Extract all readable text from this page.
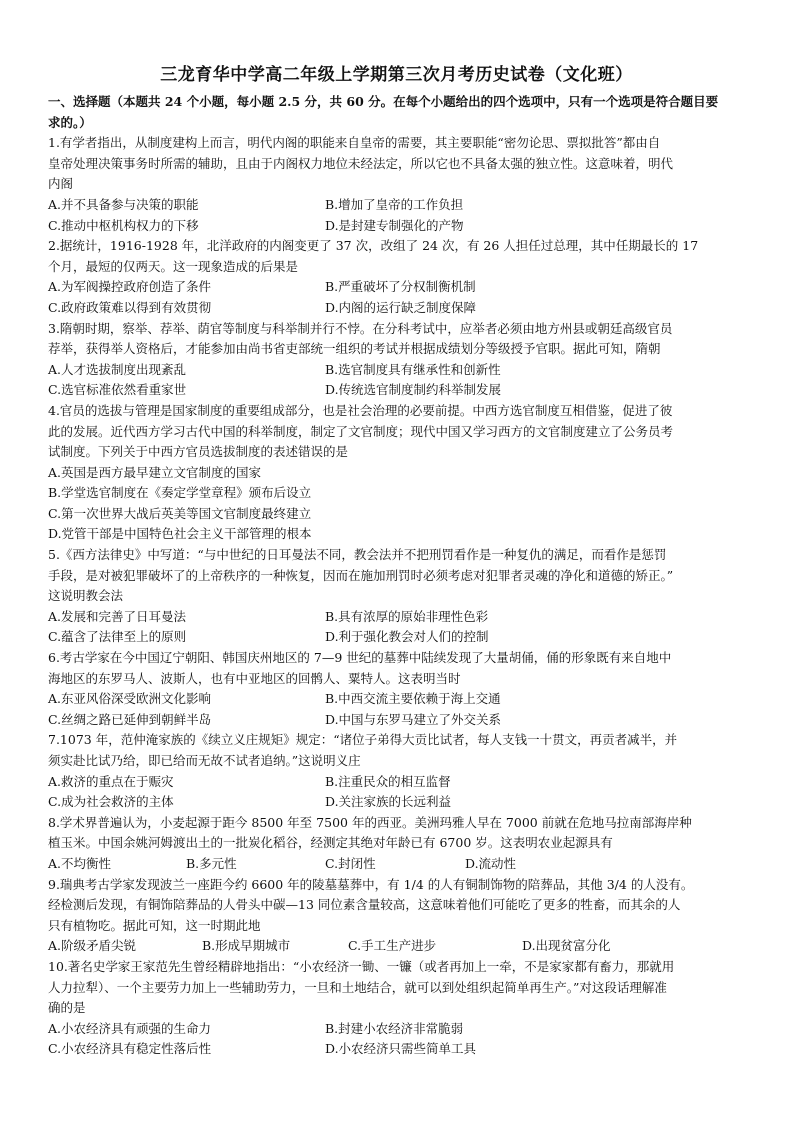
三龙育华中学高二年级上学期第三次月考历史试卷（文化班）
一、选择题（本题共 24 个小题，每小题 2.5 分，共 60 分。在每个小题给出的四个选项中，只有一个选项是符合题目要
求的。）
1.有学者指出，从制度建构上而言，明代内阁的职能来自皇帝的需要，其主要职能“密勿论思、票拟批答”都由自
皇帝处理决策事务时所需的辅助，且由于内阁权力地位未经法定，所以它也不具备太强的独立性。这意味着，明代
内阁
A.并不具备参与决策的职能	B.增加了皇帝的工作负担
C.推动中枢机构权力的下移	D.是封建专制强化的产物
2.据统计，1916-1928 年，北洋政府的内阁变更了 37 次，改组了 24 次，有 26 人担任过总理，其中任期最长的 17
个月，最短的仅两天。这一现象造成的后果是
A.为军阀操控政府创造了条件	B.严重破坏了分权制衡机制
C.政府政策难以得到有效贯彻	D.内阁的运行缺乏制度保障
3.隋朝时期，察举、荐举、荫官等制度与科举制并行不悖。在分科考试中，应举者必须由地方州县或朝廷高级官员
荐举，获得举人资格后，才能参加由尚书省吏部统一组织的考试并根据成绩划分等级授予官职。据此可知，隋朝
A.人才选拔制度出现紊乱	B.选官制度具有继承性和创新性
C.选官标准依然看重家世	D.传统选官制度制约科举制发展
4.官员的选拔与管理是国家制度的重要组成部分，也是社会治理的必要前提。中西方选官制度互相借鉴，促进了彼
此的发展。近代西方学习古代中国的科举制度，制定了文官制度；现代中国又学习西方的文官制度建立了公务员考
试制度。下列关于中西方官员选拔制度的表述错误的是
A.英国是西方最早建立文官制度的国家
B.学堂选官制度在《奏定学堂章程》颁布后设立
C.第一次世界大战后英美等国文官制度最终建立
D.党管干部是中国特色社会主义干部管理的根本
5.《西方法律史》中写道：“与中世纪的日耳曼法不同，教会法并不把刑罚看作是一种复仇的满足，而看作是惩罚
手段，是对被犯罪破坏了的上帝秩序的一种恢复，因而在施加刑罚时必须考虑对犯罪者灵魂的净化和道德的矫正。”
这说明教会法
A.发展和完善了日耳曼法	B.具有浓厚的原始非理性色彩
C.蕴含了法律至上的原则	D.利于强化教会对人们的控制
6.考古学家在今中国辽宁朝阳、韩国庆州地区的 7—9 世纪的墓葬中陆续发现了大量胡俑，俑的形象既有来自地中
海地区的东罗马人、波斯人，也有中亚地区的回鹘人、粟特人。这表明当时
A.东亚风俗深受欧洲文化影响	B.中西交流主要依赖于海上交通
C.丝绸之路已延伸到朝鲜半岛	D.中国与东罗马建立了外交关系
7.1073 年，范仲淹家族的《续立义庄规矩》规定：“诸位子弟得大贡比试者，每人支钱一十贯文，再贡者减半，并
须实赴比试乃给，即已给而无故不试者追纳。”这说明义庄
A.救济的重点在于赈灾	B.注重民众的相互监督
C.成为社会救济的主体	D.关注家族的长远利益
8.学术界普遍认为，小麦起源于距今 8500 年至 7500 年的西亚。美洲玛雅人早在 7000 前就在危地马拉南部海岸种
植玉米。中国余姚河姆渡出土的一批炭化稻谷，经测定其绝对年龄已有 6700 岁。这表明农业起源具有
A.不均衡性	B.多元性	C.封闭性	D.流动性
9.瑞典考古学家发现波兰一座距今约 6600 年的陵墓墓葬中，有 1/4 的人有铜制饰物的陪葬品，其他 3/4 的人没有。
经检测后发现，有铜饰陪葬品的人骨头中碳—13 同位素含量较高，这意味着他们可能吃了更多的牲畜，而其余的人
只有植物吃。据此可知，这一时期此地
A.阶级矛盾尖锐	B.形成早期城市	C.手工生产进步	D.出现贫富分化
10.著名史学家王家范先生曾经精辟地指出：“小农经济一锄、一镰（或者再加上一牵，不是家家都有畜力，那就用
人力拉犁）、一个主要劳力加上一些辅助劳力，一旦和土地结合，就可以到处组织起简单再生产。”对这段话理解准
确的是
A.小农经济具有顽强的生命力	B.封建小农经济非常脆弱
C.小农经济具有稳定性落后性	D.小农经济只需些简单工具
